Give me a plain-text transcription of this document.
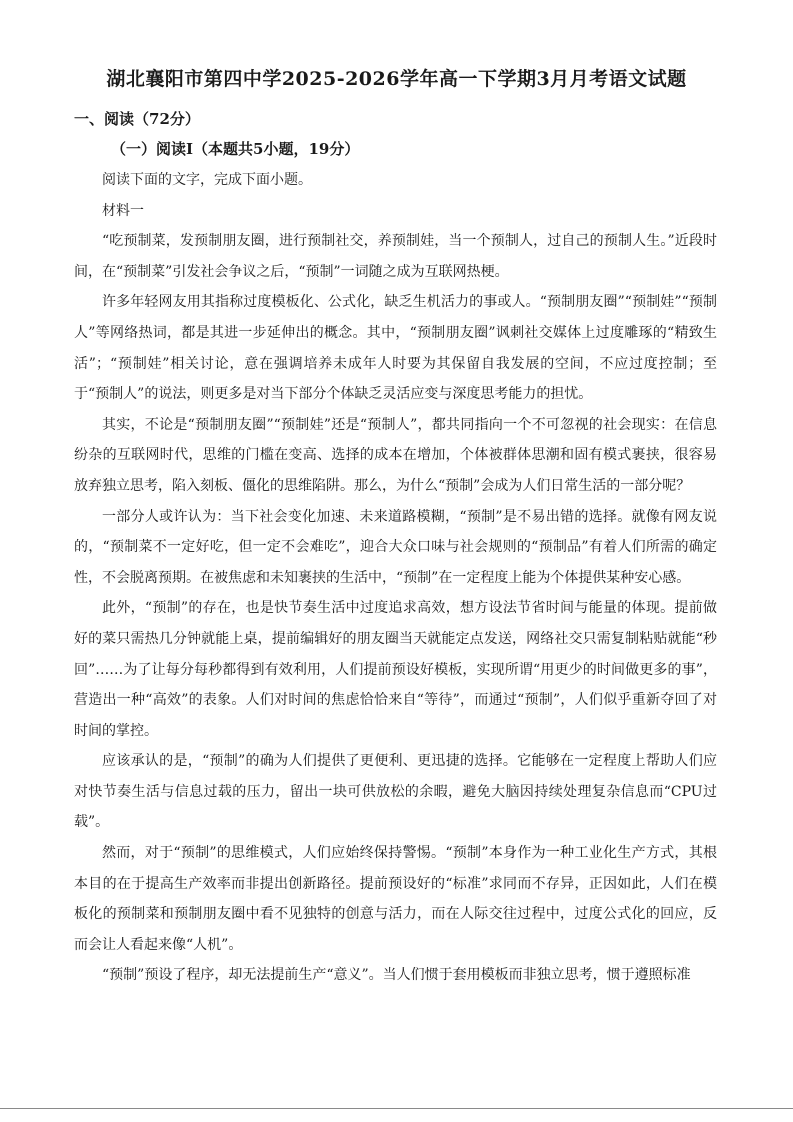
湖北襄阳市第四中学2025-2026学年高一下学期3月月考语文试题
一、阅读（72分）
（一）阅读Ⅰ（本题共5小题，19分）

阅读下面的文字，完成下面小题。

材料一

“吃预制菜，发预制朋友圈，进行预制社交，养预制娃，当一个预制人，过自己的预制人生。”近段时间，在“预制菜”引发社会争议之后，“预制”一词随之成为互联网热梗。

许多年轻网友用其指称过度模板化、公式化，缺乏生机活力的事或人。“预制朋友圈”“预制娃”“预制人”等网络热词，都是其进一步延伸出的概念。其中，“预制朋友圈”讽刺社交媒体上过度雕琢的“精致生活”；“预制娃”相关讨论，意在强调培养未成年人时要为其保留自我发展的空间，不应过度控制；至于“预制人”的说法，则更多是对当下部分个体缺乏灵活应变与深度思考能力的担忧。

其实，不论是“预制朋友圈”“预制娃”还是“预制人”，都共同指向一个不可忽视的社会现实：在信息纷杂的互联网时代，思维的门槛在变高、选择的成本在增加，个体被群体思潮和固有模式裹挟，很容易放弃独立思考，陷入刻板、僵化的思维陷阱。那么，为什么“预制”会成为人们日常生活的一部分呢？

一部分人或许认为：当下社会变化加速、未来道路模糊，“预制”是不易出错的选择。就像有网友说的，“预制菜不一定好吃，但一定不会难吃”，迎合大众口味与社会规则的“预制品”有着人们所需的确定性，不会脱离预期。在被焦虑和未知裹挟的生活中，“预制”在一定程度上能为个体提供某种安心感。

此外，“预制”的存在，也是快节奏生活中过度追求高效，想方设法节省时间与能量的体现。提前做好的菜只需热几分钟就能上桌，提前编辑好的朋友圈当天就能定点发送，网络社交只需复制粘贴就能“秒回”……为了让每分每秒都得到有效利用，人们提前预设好模板，实现所谓“用更少的时间做更多的事”，营造出一种“高效”的表象。人们对时间的焦虑恰恰来自“等待”，而通过“预制”，人们似乎重新夺回了对时间的掌控。

应该承认的是，“预制”的确为人们提供了更便利、更迅捷的选择。它能够在一定程度上帮助人们应对快节奏生活与信息过载的压力，留出一块可供放松的余暇，避免大脑因持续处理复杂信息而“CPU过载”。

然而，对于“预制”的思维模式，人们应始终保持警惕。“预制”本身作为一种工业化生产方式，其根本目的在于提高生产效率而非提出创新路径。提前预设好的“标准”求同而不存异，正因如此，人们在模板化的预制菜和预制朋友圈中看不见独特的创意与活力，而在人际交往过程中，过度公式化的回应，反而会让人看起来像“人机”。

“预制”预设了程序，却无法提前生产“意义”。当人们惯于套用模板而非独立思考，惯于遵照标准
